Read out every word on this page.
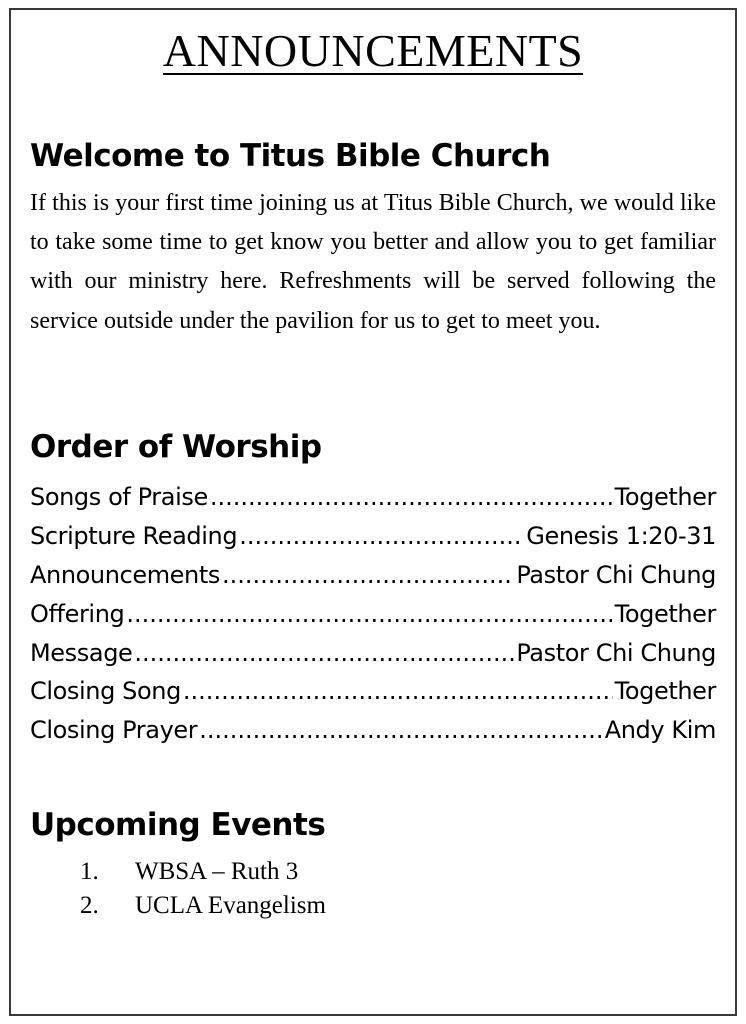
ANNOUNCEMENTS
Welcome to Titus Bible Church
If this is your first time joining us at Titus Bible Church, we would like to take some time to get know you better and allow you to get familiar with our ministry here. Refreshments will be served following the service outside under the pavilion for us to get to meet you.
Order of Worship
Songs of Praise .....	Together
Scripture Reading .....	Genesis 1:20-31
Announcements .....	Pastor Chi Chung
Offering .....	Together
Message .....	Pastor Chi Chung
Closing Song .....	Together
Closing Prayer .....	Andy Kim
Upcoming Events
1.	WBSA – Ruth 3
2.	UCLA Evangelism
